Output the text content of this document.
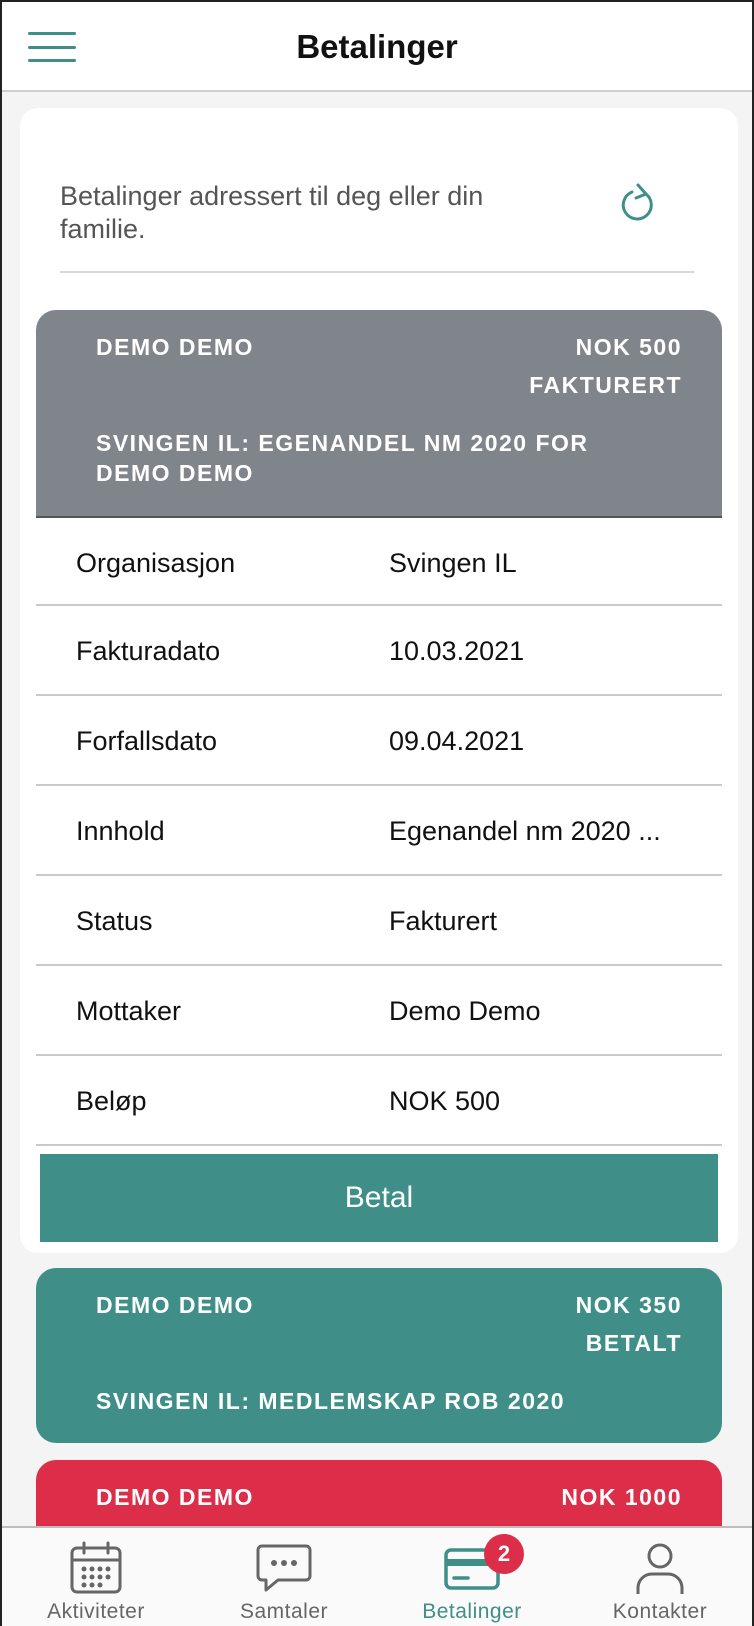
Betalinger
Betalinger adressert til deg eller din familie.
DEMO DEMO	NOK 500
FAKTURERT
SVINGEN IL: EGENANDEL NM 2020 FOR DEMO DEMO
Organisasjon	Svingen IL
Fakturadato	10.03.2021
Forfallsdato	09.04.2021
Innhold	Egenandel nm 2020 ...
Status	Fakturert
Mottaker	Demo Demo
Beløp	NOK 500
Betal
DEMO DEMO	NOK 350
BETALT
SVINGEN IL: MEDLEMSKAP ROB 2020
DEMO DEMO	NOK 1000
Aktiviteter	Samtaler	Betalinger	Kontakter
2
